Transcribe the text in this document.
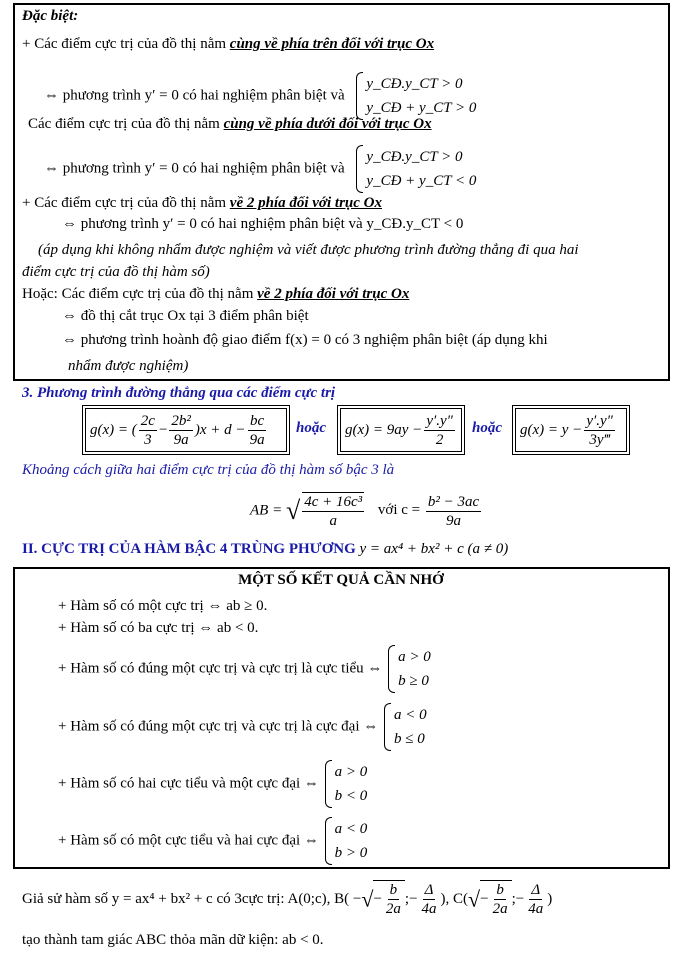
Đặc biệt:
+ Các điểm cực trị của đồ thị nằm cùng về phía trên đối với trục Ox
⇔ phương trình y′ = 0 có hai nghiệm phân biệt và
y_CĐ.y_CT > 0
y_CĐ + y_CT > 0
Các điểm cực trị của đồ thị nằm cùng về phía dưới đối với trục Ox
⇔ phương trình y′ = 0 có hai nghiệm phân biệt và
y_CĐ.y_CT > 0
y_CĐ + y_CT < 0
+ Các điểm cực trị của đồ thị nằm về 2 phía đối với trục Ox
⇔ phương trình y′ = 0 có hai nghiệm phân biệt và y_CĐ.y_CT < 0
(áp dụng khi không nhẩm được nghiệm và viết được phương trình đường thẳng đi qua hai
điểm cực trị của đồ thị hàm số)
Hoặc: Các điểm cực trị của đồ thị nằm về 2 phía đối với trục Ox
⇔ đồ thị cắt trục Ox tại 3 điểm phân biệt
⇔ phương trình hoành độ giao điểm f(x) = 0 có 3 nghiệm phân biệt (áp dụng khi
nhẩm được nghiệm)
3. Phương trình đường thẳng qua các điểm cực trị
g(x) = ( $\frac{2c}{3} - \frac{\text{2b²}}{9a} )x + d - \frac{bc}{9a}$ hoặc $g(x) = 9ay - \frac{y'.y''}{2}$ hoặc $g(x) = y - \frac{y'.y''}{3y‴}$
Khoảng cách giữa hai điểm cực trị của đồ thị hàm số bậc 3 là
AB = √ $\frac{\text{4c + 16c³}}{a}$ với $c = \frac{\text{b² − 3ac}}{9a}$
II. CỰC TRỊ CỦA HÀM BẬC 4 TRÙNG PHƯƠNG y = ax⁴ + bx² + c (a ≠ 0)
MỘT SỐ KẾT QUẢ CẦN NHỚ
+ Hàm số có một cực trị ⇔ ab ≥ 0.
+ Hàm số có ba cực trị ⇔ ab < 0.
+ Hàm số có đúng một cực trị và cực trị là cực tiểu ⇔
a > 0
b ≥ 0
+ Hàm số có đúng một cực trị và cực trị là cực đại ⇔
a < 0
b ≤ 0
+ Hàm số có hai cực tiểu và một cực đại ⇔
a > 0
b < 0
+ Hàm số có một cực tiểu và hai cực đại ⇔
a < 0
b > 0
Giả sử hàm số y = ax⁴ + bx² + c có 3cực trị: A(0;c), B( −√− $\frac{b}{2a}$ ;− $\frac{\Delta}{4a}$ ), $C(√- \frac{b}{2a}$ ;− $\frac{\Delta}{4a}$ )
tạo thành tam giác ABC thỏa mãn dữ kiện: ab < 0.
